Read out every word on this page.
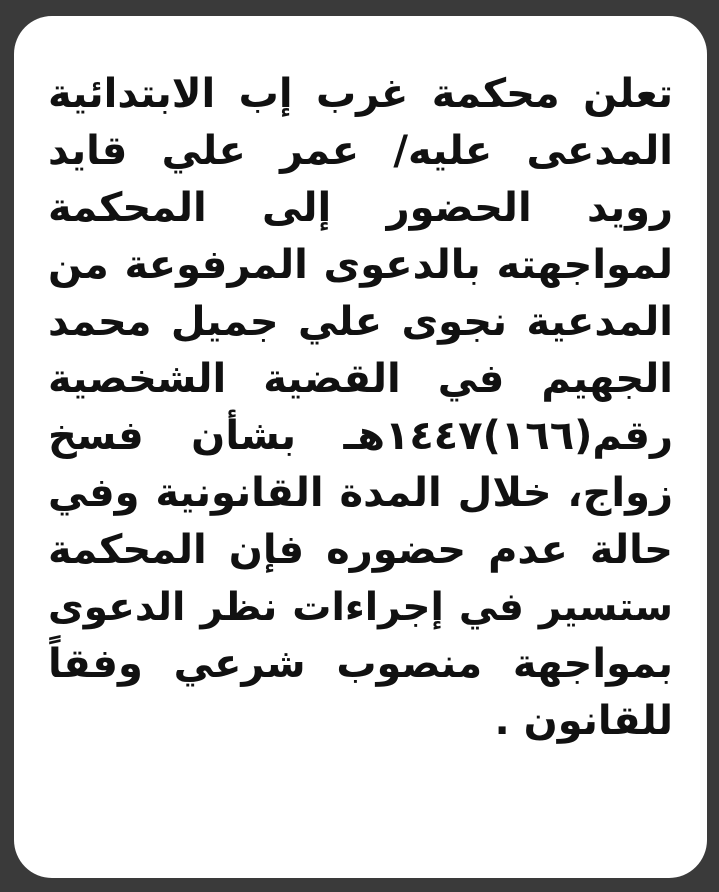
تعلن محكمة غرب إب الابتدائية
المدعى عليه/ عمر علي قايد
رويد الحضور إلى المحكمة
لمواجهته بالدعوى المرفوعة من
المدعية نجوى علي جميل محمد
الجهيم في القضية الشخصية
رقم(١٦٦)١٤٤٧هـ بشأن فسخ
زواج، خلال المدة القانونية وفي
حالة عدم حضوره فإن المحكمة
ستسير في إجراءات نظر الدعوى
بمواجهة منصوب شرعي وفقاً
للقانون .
